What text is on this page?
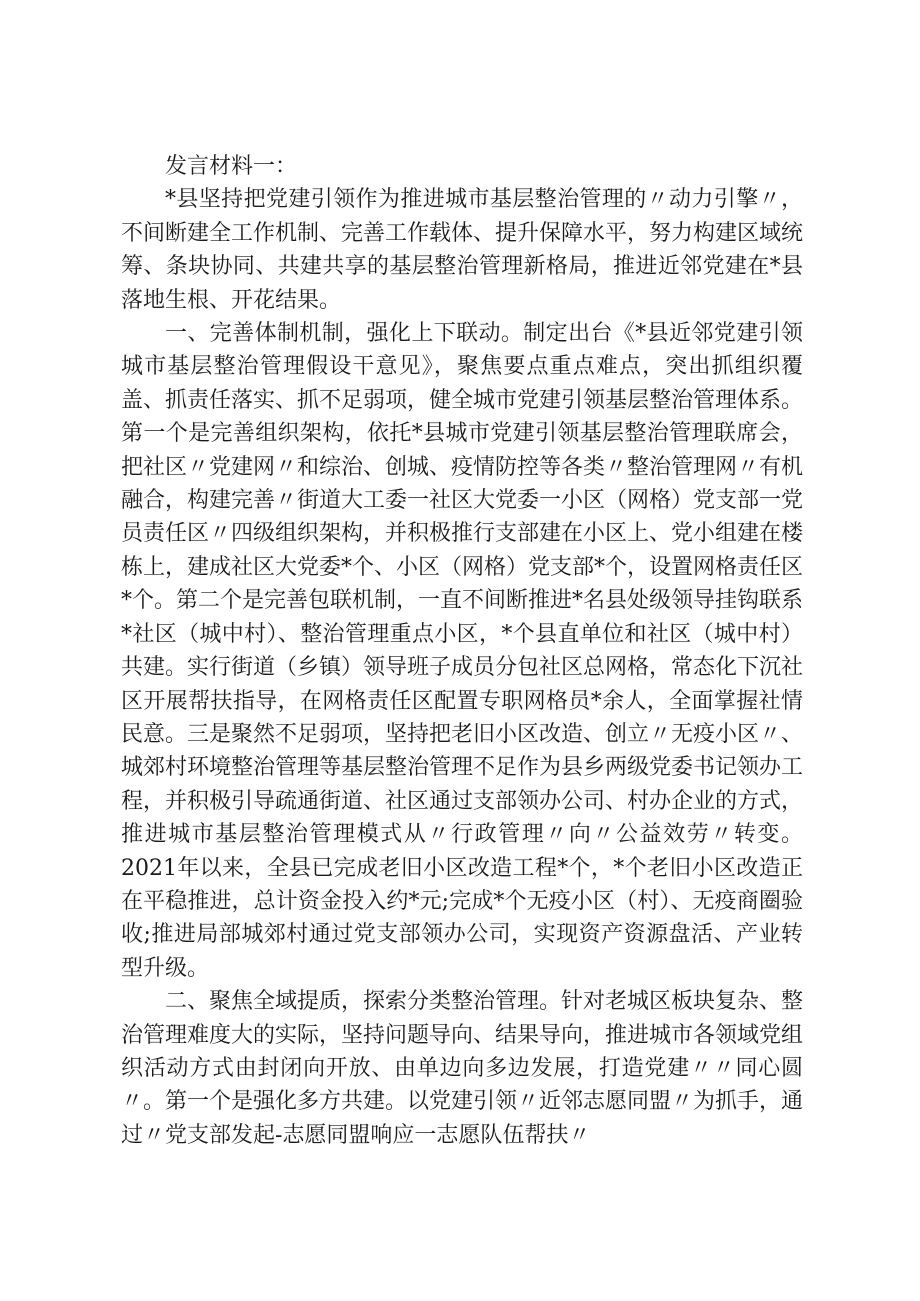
发言材料一：

*县坚持把党建引领作为推进城市基层整治管理的〃动力引擎〃，不间断建全工作机制、完善工作载体、提升保障水平，努力构建区域统筹、条块协同、共建共享的基层整治管理新格局，推进近邻党建在*县落地生根、开花结果。

一、完善体制机制，强化上下联动。制定出台《*县近邻党建引领城市基层整治管理假设干意见》，聚焦要点重点难点，突出抓组织覆盖、抓责任落实、抓不足弱项，健全城市党建引领基层整治管理体系。第一个是完善组织架构，依托*县城市党建引领基层整治管理联席会，把社区〃党建网〃和综治、创城、疫情防控等各类〃整治管理网〃有机融合，构建完善〃街道大工委一社区大党委一小区（网格）党支部一党员责任区〃四级组织架构，并积极推行支部建在小区上、党小组建在楼栋上，建成社区大党委*个、小区（网格）党支部*个，设置网格责任区*个。第二个是完善包联机制，一直不间断推进*名县处级领导挂钩联系*社区（城中村）、整治管理重点小区，*个县直单位和社区（城中村）共建。实行街道（乡镇）领导班子成员分包社区总网格，常态化下沉社区开展帮扶指导，在网格责任区配置专职网格员*余人，全面掌握社情民意。三是聚然不足弱项，坚持把老旧小区改造、创立〃无疫小区〃、城郊村环境整治管理等基层整治管理不足作为县乡两级党委书记领办工程，并积极引导疏通街道、社区通过支部领办公司、村办企业的方式，推进城市基层整治管理模式从〃行政管理〃向〃公益效劳〃转变。2021年以来，全县已完成老旧小区改造工程*个，*个老旧小区改造正在平稳推进，总计资金投入约*元;完成*个无疫小区（村）、无疫商圈验收;推进局部城郊村通过党支部领办公司，实现资产资源盘活、产业转型升级。

二、聚焦全域提质，探索分类整治管理。针对老城区板块复杂、整治管理难度大的实际，坚持问题导向、结果导向，推进城市各领域党组织活动方式由封闭向开放、由单边向多边发展，打造党建〃〃同心圆〃。第一个是强化多方共建。以党建引领〃近邻志愿同盟〃为抓手，通过〃党支部发起-志愿同盟响应一志愿队伍帮扶〃
